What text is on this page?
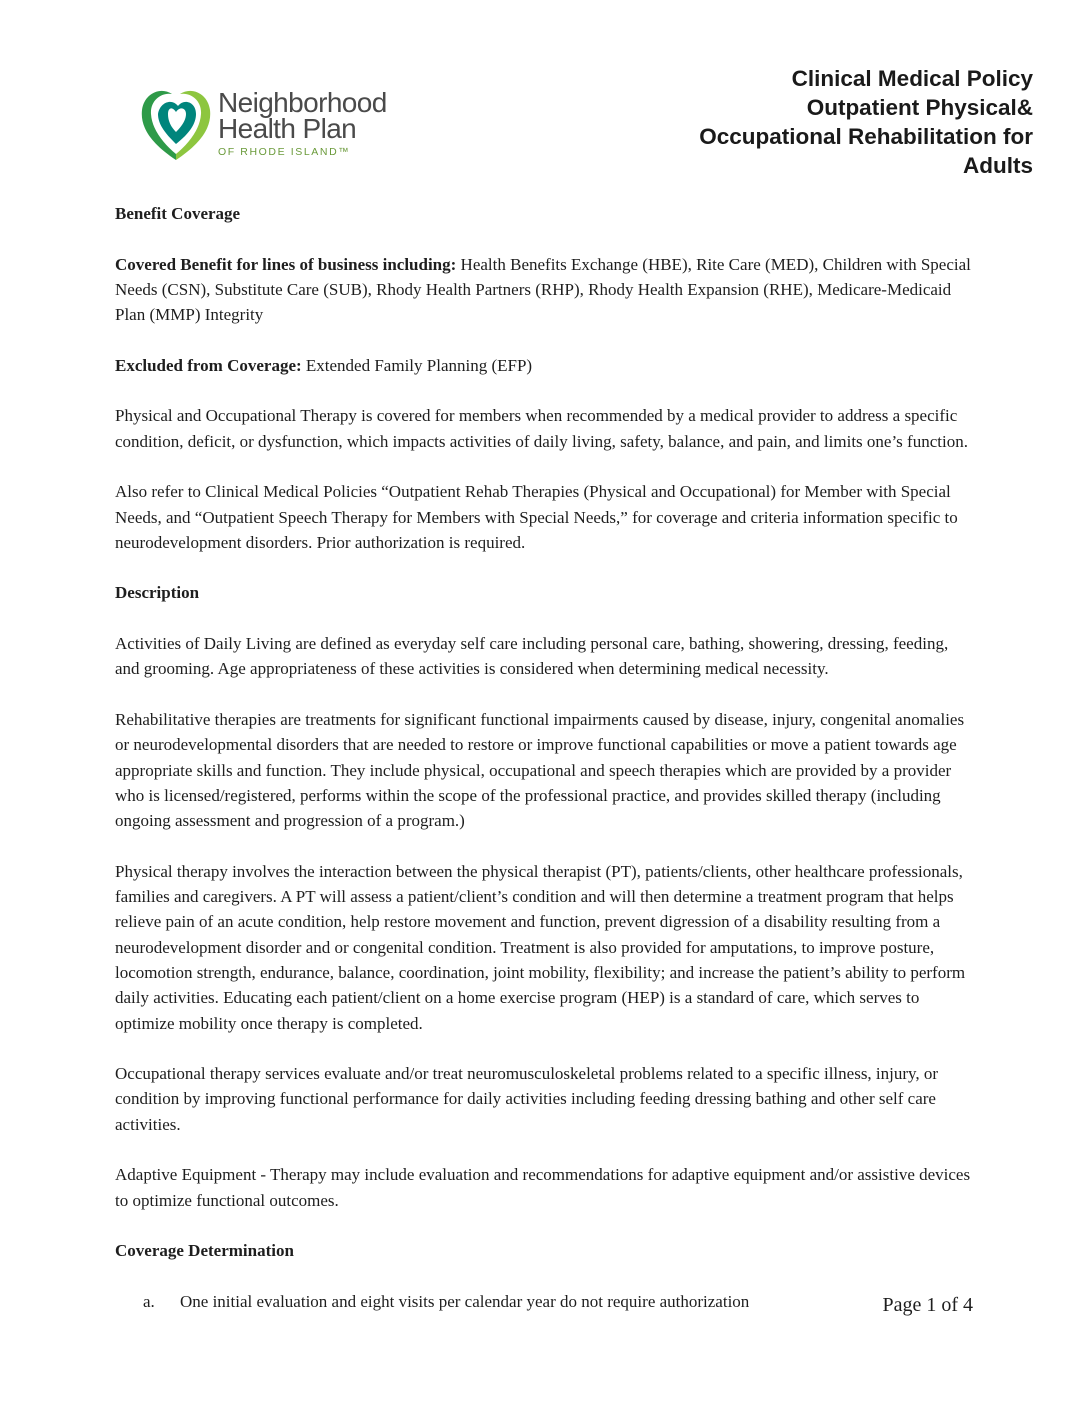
Neighborhood
Health Plan
OF RHODE ISLAND™
Clinical Medical Policy
Outpatient Physical&
Occupational Rehabilitation for
Adults

Benefit Coverage

Covered Benefit for lines of business including: Health Benefits Exchange (HBE), Rite Care (MED), Children with Special Needs (CSN), Substitute Care (SUB), Rhody Health Partners (RHP), Rhody Health Expansion (RHE), Medicare-Medicaid Plan (MMP) Integrity

Excluded from Coverage: Extended Family Planning (EFP)

Physical and Occupational Therapy is covered for members when recommended by a medical provider to address a specific condition, deficit, or dysfunction, which impacts activities of daily living, safety, balance, and pain, and limits one’s function.

Also refer to Clinical Medical Policies “Outpatient Rehab Therapies (Physical and Occupational) for Member with Special Needs, and “Outpatient Speech Therapy for Members with Special Needs,” for coverage and criteria information specific to neurodevelopment disorders. Prior authorization is required.

Description

Activities of Daily Living are defined as everyday self care including personal care, bathing, showering, dressing, feeding, and grooming. Age appropriateness of these activities is considered when determining medical necessity.

Rehabilitative therapies are treatments for significant functional impairments caused by disease, injury, congenital anomalies or neurodevelopmental disorders that are needed to restore or improve functional capabilities or move a patient towards age appropriate skills and function. They include physical, occupational and speech therapies which are provided by a provider who is licensed/registered, performs within the scope of the professional practice, and provides skilled therapy (including ongoing assessment and progression of a program.)

Physical therapy involves the interaction between the physical therapist (PT), patients/clients, other healthcare professionals, families and caregivers. A PT will assess a patient/client’s condition and will then determine a treatment program that helps relieve pain of an acute condition, help restore movement and function, prevent digression of a disability resulting from a neurodevelopment disorder and or congenital condition. Treatment is also provided for amputations, to improve posture, locomotion strength, endurance, balance, coordination, joint mobility, flexibility; and increase the patient’s ability to perform daily activities. Educating each patient/client on a home exercise program (HEP) is a standard of care, which serves to optimize mobility once therapy is completed.

Occupational therapy services evaluate and/or treat neuromusculoskeletal problems related to a specific illness, injury, or condition by improving functional performance for daily activities including feeding dressing bathing and other self care activities.

Adaptive Equipment - Therapy may include evaluation and recommendations for adaptive equipment and/or assistive devices to optimize functional outcomes.

Coverage Determination

a. One initial evaluation and eight visits per calendar year do not require authorization	Page 1 of 4
